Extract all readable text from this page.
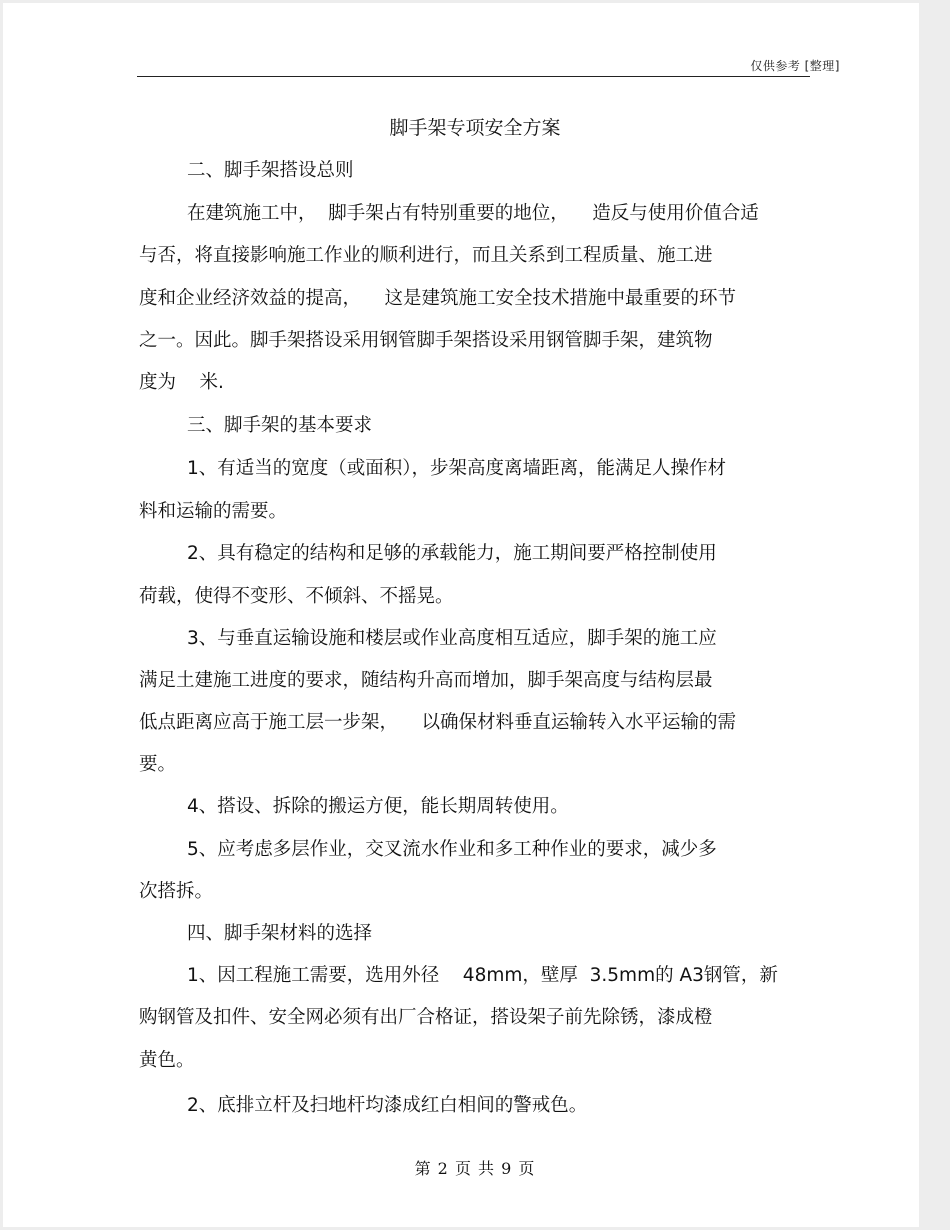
仅供参考 [整理]
脚手架专项安全方案
二、脚手架搭设总则
在建筑施工中，  脚手架占有特别重要的地位，    造反与使用价值合适
与否，将直接影响施工作业的顺利进行，而且关系到工程质量、施工进
度和企业经济效益的提高，    这是建筑施工安全技术措施中最重要的环节
之一。因此。脚手架搭设采用钢管脚手架搭设采用钢管脚手架，建筑物
度为    米.
三、脚手架的基本要求
1、有适当的宽度（或面积），步架高度离墙距离，能满足人操作材
料和运输的需要。
2、具有稳定的结构和足够的承载能力，施工期间要严格控制使用
荷载，使得不变形、不倾斜、不摇晃。
3、与垂直运输设施和楼层或作业高度相互适应，脚手架的施工应
满足土建施工进度的要求，随结构升高而增加，脚手架高度与结构层最
低点距离应高于施工层一步架，    以确保材料垂直运输转入水平运输的需
要。
4、搭设、拆除的搬运方便，能长期周转使用。
5、应考虑多层作业，交叉流水作业和多工种作业的要求，减少多
次搭拆。
四、脚手架材料的选择
1、因工程施工需要，选用外径    48mm，壁厚  3.5mm的 A3钢管，新
购钢管及扣件、安全网必须有出厂合格证，搭设架子前先除锈，漆成橙
黄色。
2、底排立杆及扫地杆均漆成红白相间的警戒色。
第 2 页 共 9 页
